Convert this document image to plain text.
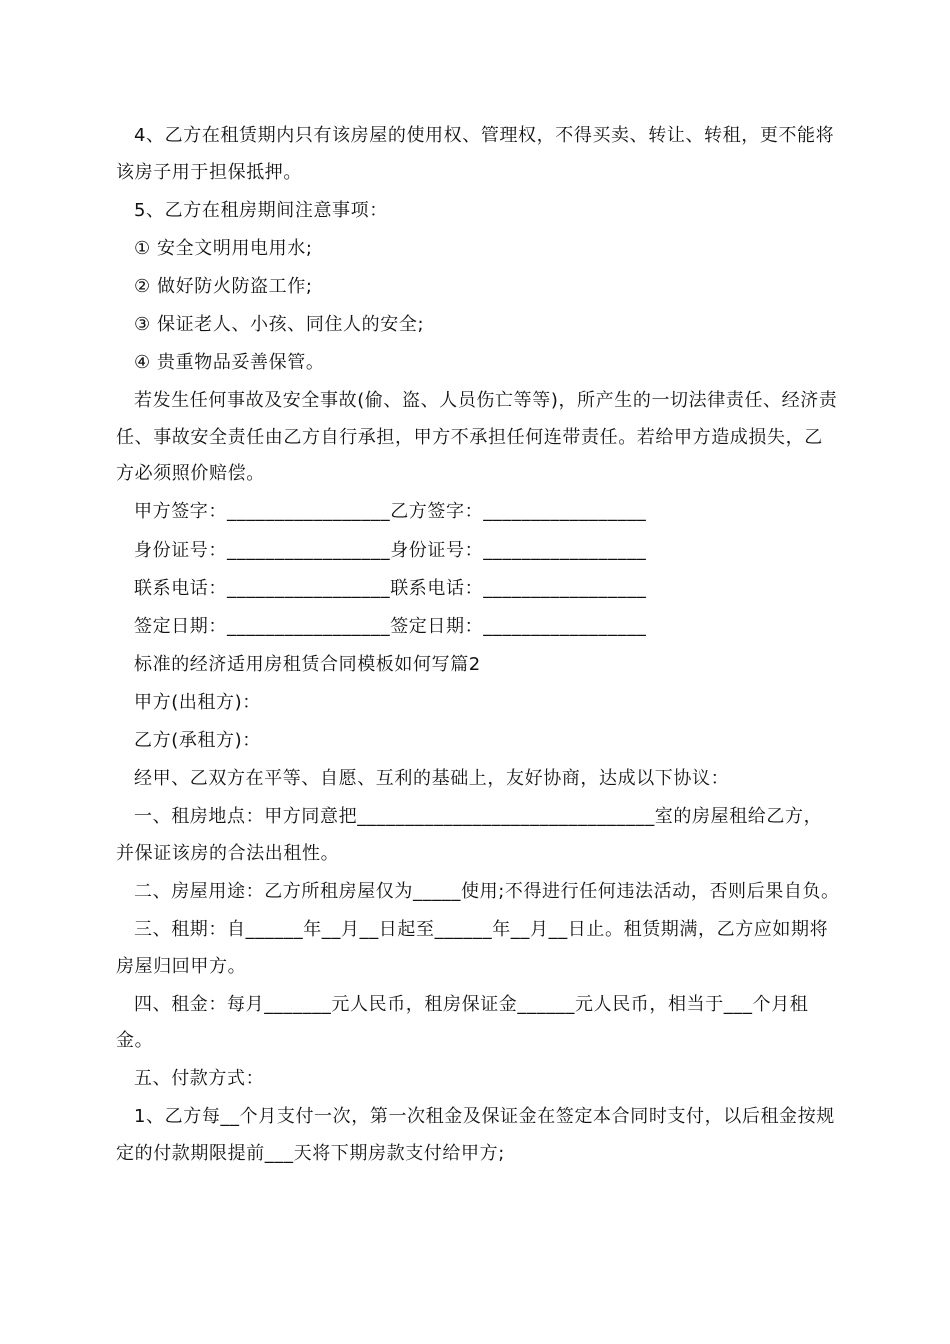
4、乙方在租赁期内只有该房屋的使用权、管理权，不得买卖、转让、转租，更不能将该房子用于担保抵押。

5、乙方在租房期间注意事项：

① 安全文明用电用水;

② 做好防火防盗工作;

③ 保证老人、小孩、同住人的安全;

④ 贵重物品妥善保管。

若发生任何事故及安全事故(偷、盗、人员伤亡等等)，所产生的一切法律责任、经济责任、事故安全责任由乙方自行承担，甲方不承担任何连带责任。若给甲方造成损失，乙方必须照价赔偿。

甲方签字：_________________乙方签字：_________________

身份证号：_________________身份证号：_________________

联系电话：_________________联系电话：_________________

签定日期：_________________签定日期：_________________

标准的经济适用房租赁合同模板如何写篇2

甲方(出租方)：

乙方(承租方)：

经甲、乙双方在平等、自愿、互利的基础上，友好协商，达成以下协议：

一、租房地点：甲方同意把_______________________________室的房屋租给乙方，并保证该房的合法出租性。

二、房屋用途：乙方所租房屋仅为_____使用;不得进行任何违法活动，否则后果自负。

三、租期：自______年__月__日起至______年__月__日止。租赁期满，乙方应如期将房屋归回甲方。

四、租金：每月_______元人民币，租房保证金______元人民币，相当于___个月租金。

五、付款方式：

1、乙方每__个月支付一次，第一次租金及保证金在签定本合同时支付，以后租金按规定的付款期限提前___天将下期房款支付给甲方;
